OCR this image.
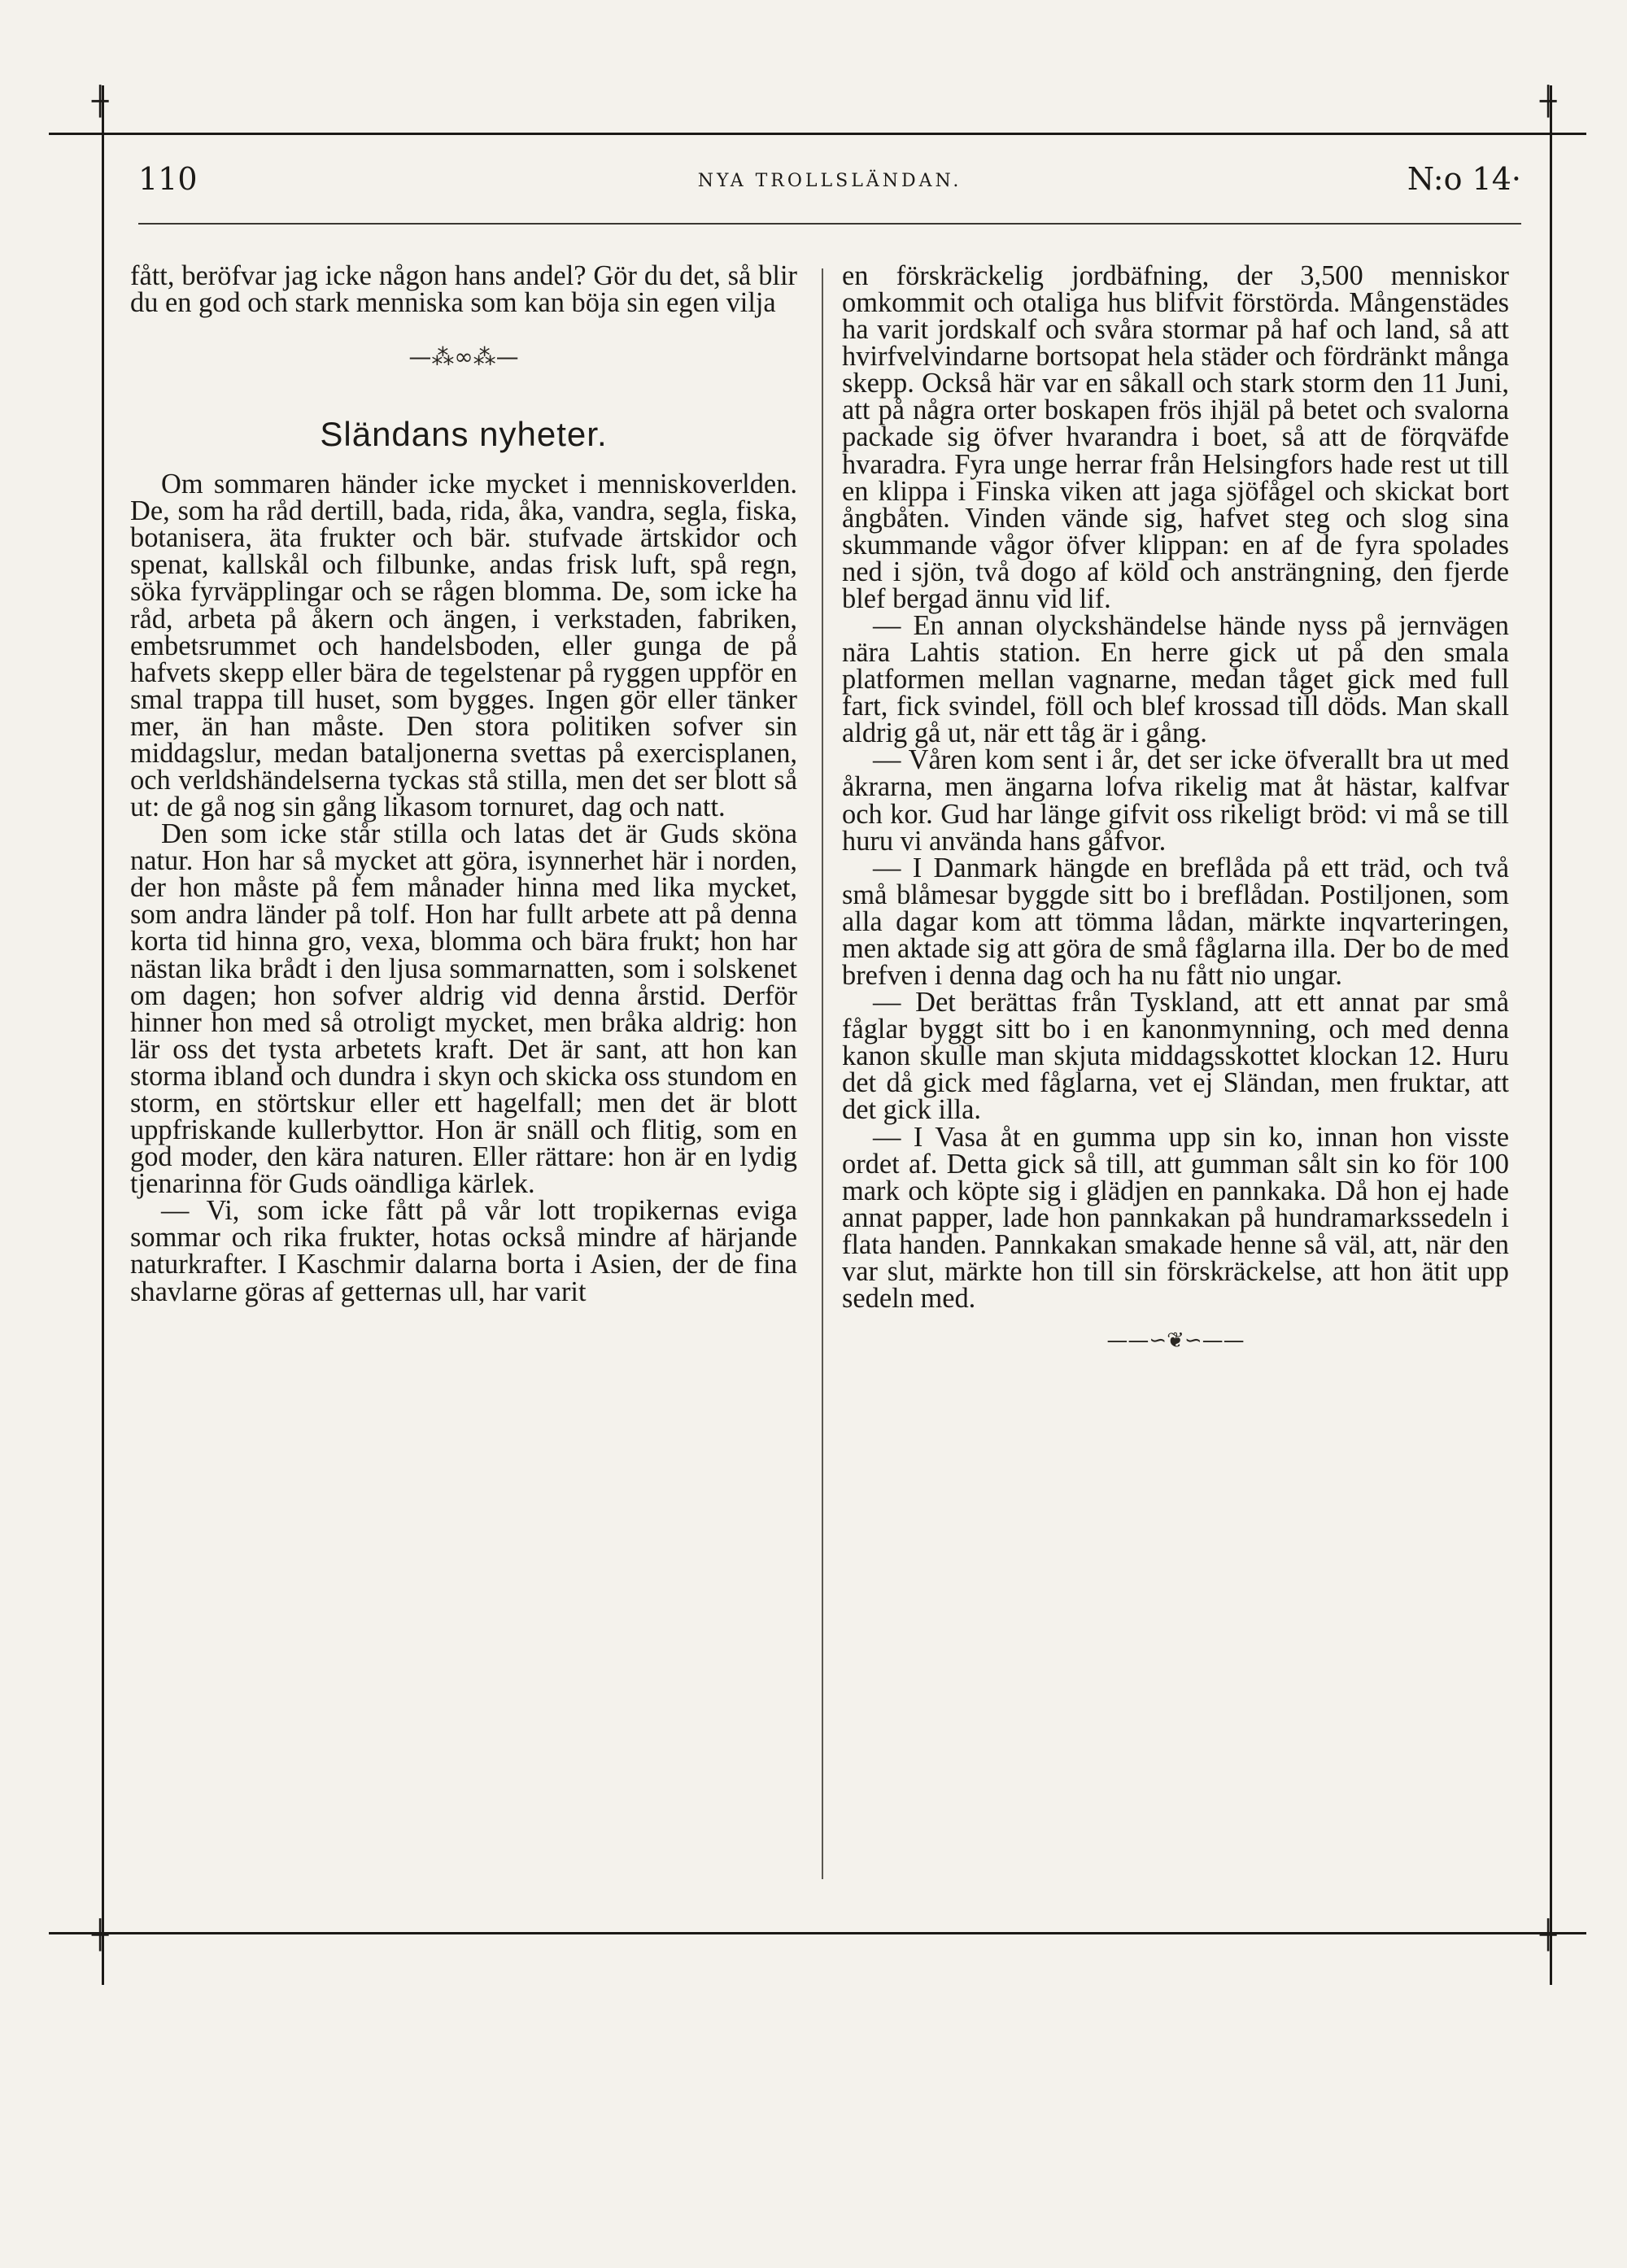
┼	┼
┼	┼
110	NYA TROLLSLÄNDAN.	N:o 14·

fått, beröfvar jag icke någon hans andel? Gör du det, så blir du en god och stark menniska som kan böja sin egen vilja

—⁂∞⁂—

Sländans nyheter.

Om sommaren händer icke mycket i menniskoverlden. De, som ha råd dertill, bada, rida, åka, vandra, segla, fiska, botanisera, äta frukter och bär. stufvade ärtskidor och spenat, kallskål och filbunke, andas frisk luft, spå regn, söka fyrväpplingar och se rågen blomma. De, som icke ha råd, arbeta på åkern och ängen, i verkstaden, fabriken, embetsrummet och handelsboden, eller gunga de på hafvets skepp eller bära de tegelstenar på ryggen uppför en smal trappa till huset, som bygges. Ingen gör eller tänker mer, än han måste. Den stora politiken sofver sin middagslur, medan bataljonerna svettas på exercisplanen, och verldshändelserna tyckas stå stilla, men det ser blott så ut: de gå nog sin gång likasom tornuret, dag och natt.

Den som icke står stilla och latas det är Guds sköna natur. Hon har så mycket att göra, isynnerhet här i norden, der hon måste på fem månader hinna med lika mycket, som andra länder på tolf. Hon har fullt arbete att på denna korta tid hinna gro, vexa, blomma och bära frukt; hon har nästan lika brådt i den ljusa sommarnatten, som i solskenet om dagen; hon sofver aldrig vid denna årstid. Derför hinner hon med så otroligt mycket, men bråka aldrig: hon lär oss det tysta arbetets kraft. Det är sant, att hon kan storma ibland och dundra i skyn och skicka oss stundom en storm, en störtskur eller ett hagelfall; men det är blott uppfriskande kullerbyttor. Hon är snäll och flitig, som en god moder, den kära naturen. Eller rättare: hon är en lydig tjenarinna för Guds oändliga kärlek.

— Vi, som icke fått på vår lott tropikernas eviga sommar och rika frukter, hotas också mindre af härjande naturkrafter. I Kaschmir dalarna borta i Asien, der de fina shavlarne göras af getternas ull, har varit

en förskräckelig jordbäfning, der 3,500 menniskor omkommit och otaliga hus blifvit förstörda. Mångenstädes ha varit jordskalf och svåra stormar på haf och land, så att hvirfvelvindarne bortsopat hela städer och fördränkt många skepp. Också här var en såkall och stark storm den 11 Juni, att på några orter boskapen frös ihjäl på betet och svalorna packade sig öfver hvarandra i boet, så att de förqväfde hvaradra. Fyra unge herrar från Helsingfors hade rest ut till en klippa i Finska viken att jaga sjöfågel och skickat bort ångbåten. Vinden vände sig, hafvet steg och slog sina skummande vågor öfver klippan: en af de fyra spolades ned i sjön, två dogo af köld och ansträngning, den fjerde blef bergad ännu vid lif.

— En annan olyckshändelse hände nyss på jernvägen nära Lahtis station. En herre gick ut på den smala platformen mellan vagnarne, medan tåget gick med full fart, fick svindel, föll och blef krossad till döds. Man skall aldrig gå ut, när ett tåg är i gång.

— Våren kom sent i år, det ser icke öfverallt bra ut med åkrarna, men ängarna lofva rikelig mat åt hästar, kalfvar och kor. Gud har länge gifvit oss rikeligt bröd: vi må se till huru vi använda hans gåfvor.

— I Danmark hängde en breflåda på ett träd, och två små blåmesar byggde sitt bo i breflådan. Postiljonen, som alla dagar kom att tömma lådan, märkte inqvarteringen, men aktade sig att göra de små fåglarna illa. Der bo de med brefven i denna dag och ha nu fått nio ungar.

— Det berättas från Tyskland, att ett annat par små fåglar byggt sitt bo i en kanonmynning, och med denna kanon skulle man skjuta middagsskottet klockan 12. Huru det då gick med fåglarna, vet ej Sländan, men fruktar, att det gick illa.

— I Vasa åt en gumma upp sin ko, innan hon visste ordet af. Detta gick så till, att gumman sålt sin ko för 100 mark och köpte sig i glädjen en pannkaka. Då hon ej hade annat papper, lade hon pannkakan på hundramarkssedeln i flata handen. Pannkakan smakade henne så väl, att, när den var slut, märkte hon till sin förskräckelse, att hon ätit upp sedeln med.

——∽❦∽——
